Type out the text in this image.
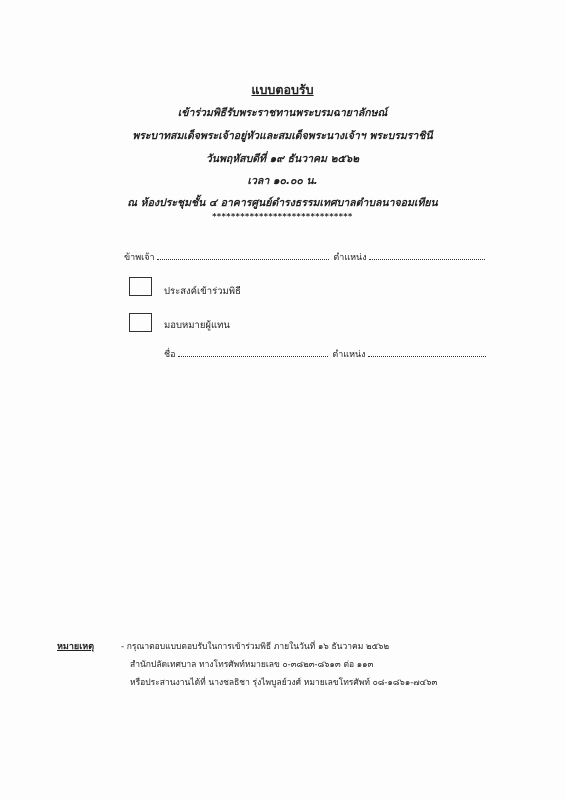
แบบตอบรับ
เข้าร่วมพิธีรับพระราชทานพระบรมฉายาลักษณ์
พระบาทสมเด็จพระเจ้าอยู่หัวและสมเด็จพระนางเจ้าฯ พระบรมราชินี
วันพฤหัสบดีที่ ๑๙ ธันวาคม ๒๕๖๒
เวลา ๑๐.๐๐ น.
ณ ห้องประชุมชั้น ๔ อาคารศูนย์ดำรงธรรมเทศบาลตำบลนาจอมเทียน
******************************
ข้าพเจ้า	ตำแหน่ง
ประสงค์เข้าร่วมพิธี
มอบหมายผู้แทน
ชื่อ	ตำแหน่ง
หมายเหตุ	- กรุณาตอบแบบตอบรับในการเข้าร่วมพิธี ภายในวันที่ ๑๖ ธันวาคม ๒๕๖๒
สำนักปลัดเทศบาล ทางโทรศัพท์หมายเลข ๐-๓๘๒๓-๘๖๑๓ ต่อ ๑๑๓
หรือประสานงานได้ที่ นางชลธิชา รุ่งไพบูลย์วงศ์ หมายเลขโทรศัพท์ ๐๘-๑๘๖๑-๗๔๖๓
